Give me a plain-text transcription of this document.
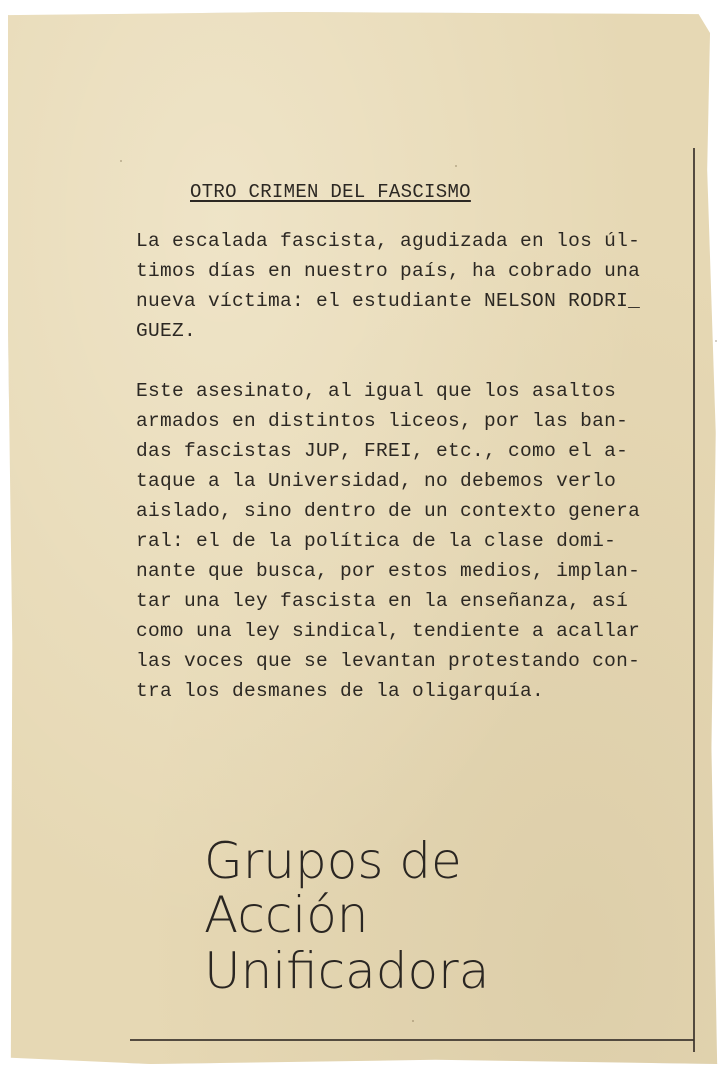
OTRO CRIMEN DEL FASCISMO
La escalada fascista, agudizada en los úl-
timos días en nuestro país, ha cobrado una
nueva víctima: el estudiante NELSON RODRI_
GUEZ.
Este asesinato, al igual que los asaltos
armados en distintos liceos, por las ban-
das fascistas JUP, FREI, etc., como el a-
taque a la Universidad, no debemos verlo
aislado, sino dentro de un contexto genera
ral: el de la política de la clase domi-
nante que busca, por estos medios, implan-
tar una ley fascista en la enseñanza, así
como una ley sindical, tendiente a acallar
las voces que se levantan protestando con-
tra los desmanes de la oligarquía.
Grupos de
Acción
Unificadora
